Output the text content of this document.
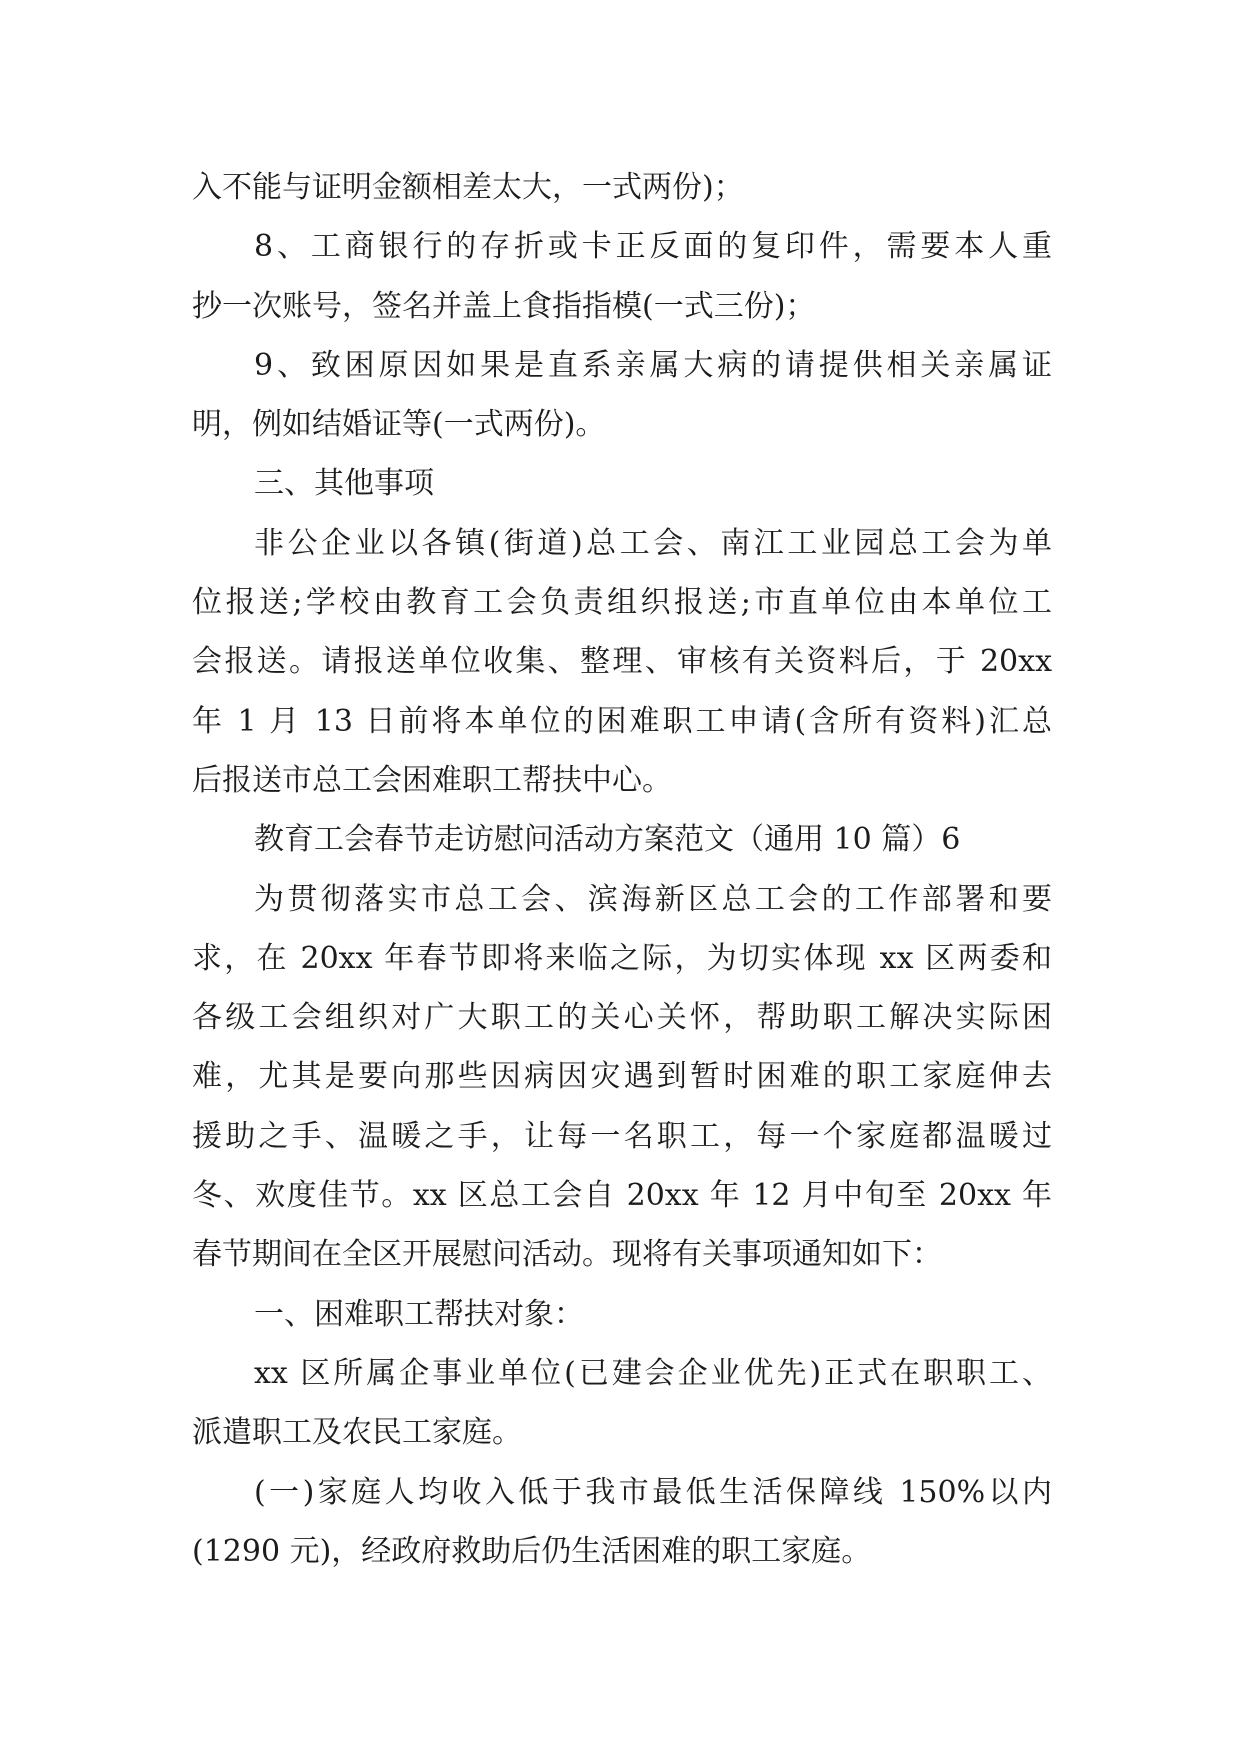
入不能与证明金额相差太大，一式两份)；
8、工商银行的存折或卡正反面的复印件，需要本人重
抄一次账号，签名并盖上食指指模(一式三份)；
9、致困原因如果是直系亲属大病的请提供相关亲属证
明，例如结婚证等(一式两份)。
三、其他事项
非公企业以各镇(街道)总工会、南江工业园总工会为单
位报送;学校由教育工会负责组织报送;市直单位由本单位工
会报送。请报送单位收集、整理、审核有关资料后，于 20xx
年 1 月 13 日前将本单位的困难职工申请(含所有资料)汇总
后报送市总工会困难职工帮扶中心。
教育工会春节走访慰问活动方案范文（通用 10 篇）6
为贯彻落实市总工会、滨海新区总工会的工作部署和要
求，在 20xx 年春节即将来临之际，为切实体现 xx 区两委和
各级工会组织对广大职工的关心关怀，帮助职工解决实际困
难，尤其是要向那些因病因灾遇到暂时困难的职工家庭伸去
援助之手、温暖之手，让每一名职工，每一个家庭都温暖过
冬、欢度佳节。xx 区总工会自 20xx 年 12 月中旬至 20xx 年
春节期间在全区开展慰问活动。现将有关事项通知如下：
一、困难职工帮扶对象：
xx 区所属企事业单位(已建会企业优先)正式在职职工、
派遣职工及农民工家庭。
(一)家庭人均收入低于我市最低生活保障线 150%以内
(1290 元)，经政府救助后仍生活困难的职工家庭。
